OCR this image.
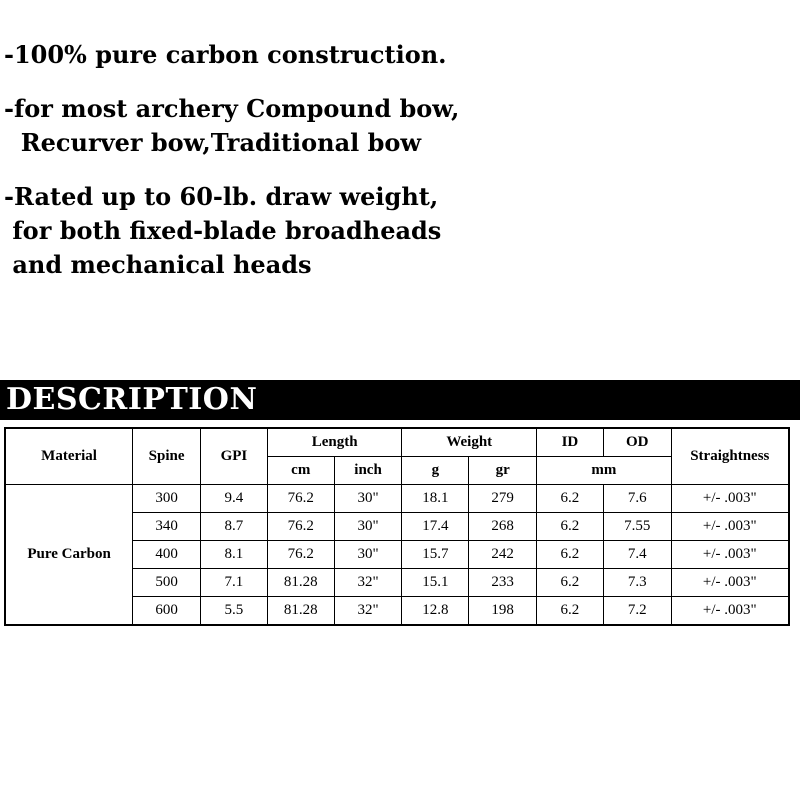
-100% pure carbon construction.
-for most archery Compound bow,
Recurver bow,Traditional bow
-Rated up to 60-lb. draw weight,
for both fixed-blade broadheads
and mechanical heads
DESCRIPTION
Material	Spine	GPI	Length		Weight		ID	OD	Straightness
			cm	inch	g	gr	mm		
Pure Carbon	300	9.4	76.2	30"	18.1	279	6.2	7.6	+/- .003"
	340	8.7	76.2	30"	17.4	268	6.2	7.55	+/- .003"
	400	8.1	76.2	30"	15.7	242	6.2	7.4	+/- .003"
	500	7.1	81.28	32"	15.1	233	6.2	7.3	+/- .003"
	600	5.5	81.28	32"	12.8	198	6.2	7.2	+/- .003"
